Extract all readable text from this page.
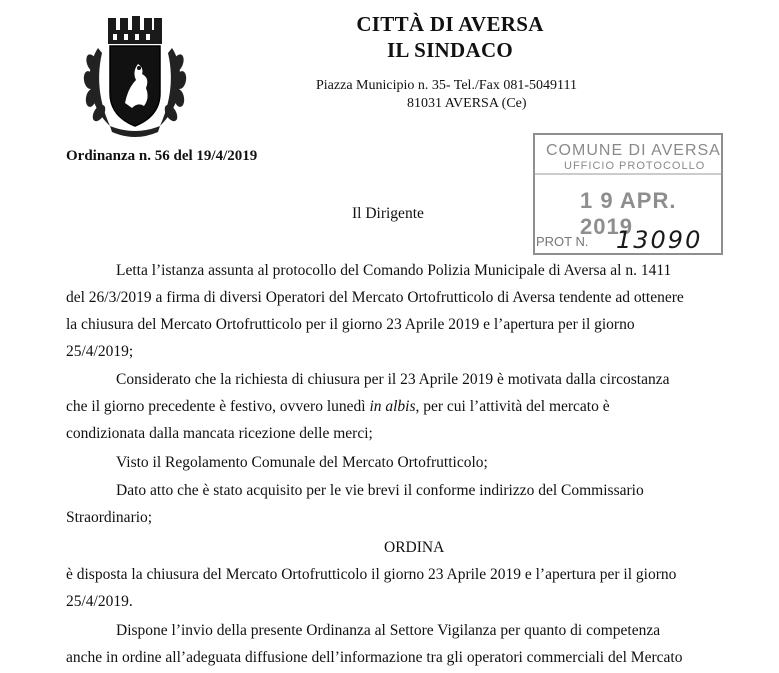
CITTÀ DI AVERSA
IL SINDACO
Piazza Municipio n. 35- Tel./Fax 081-5049111
81031 AVERSA (Ce)
Ordinanza n. 56 del 19/4/2019	COMUNE DI AVERSA
UFFICIO PROTOCOLLO
1 9 APR. 2019
PROT N. 13090
Il Dirigente

Letta l’istanza assunta al protocollo del Comando Polizia Municipale di Aversa al n. 1411

del 26/3/2019 a firma di diversi Operatori del Mercato Ortofrutticolo di Aversa tendente ad ottenere

la chiusura del Mercato Ortofrutticolo per il giorno 23 Aprile 2019 e l’apertura per il giorno

25/4/2019;

Considerato che la richiesta di chiusura per il 23 Aprile 2019 è motivata dalla circostanza

che il giorno precedente è festivo, ovvero lunedì in albis, per cui l’attività del mercato è

condizionata dalla mancata ricezione delle merci;

Visto il Regolamento Comunale del Mercato Ortofrutticolo;

Dato atto che è stato acquisito per le vie brevi il conforme indirizzo del Commissario

Straordinario;

ORDINA

è disposta la chiusura del Mercato Ortofrutticolo il giorno 23 Aprile 2019 e l’apertura per il giorno

25/4/2019.

Dispone l’invio della presente Ordinanza al Settore Vigilanza per quanto di competenza

anche in ordine all’adeguata diffusione dell’informazione tra gli operatori commerciali del Mercato
